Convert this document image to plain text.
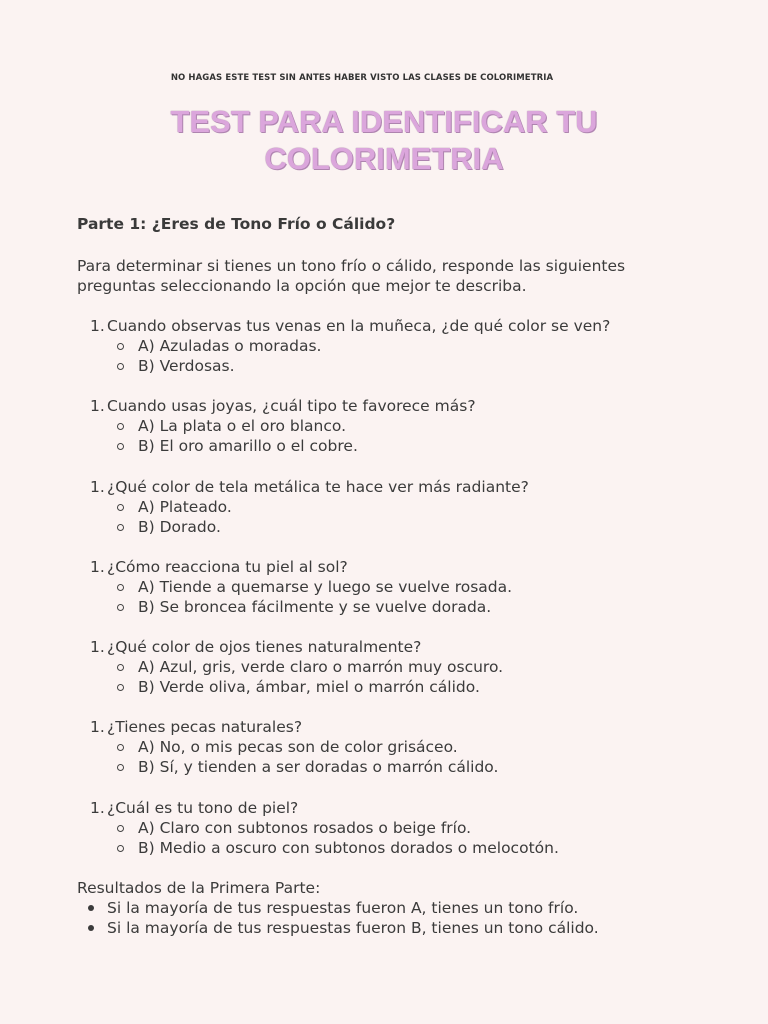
NO HAGAS ESTE TEST SIN ANTES HABER VISTO LAS CLASES DE COLORIMETRIA
TEST PARA IDENTIFICAR TU
COLORIMETRIA
Parte 1: ¿Eres de Tono Frío o Cálido?

Para determinar si tienes un tono frío o cálido, responde las siguientes
preguntas seleccionando la opción que mejor te describa.

1. Cuando observas tus venas en la muñeca, ¿de qué color se ven?
A) Azuladas o moradas.
B) Verdosas.
1. Cuando usas joyas, ¿cuál tipo te favorece más?
A) La plata o el oro blanco.
B) El oro amarillo o el cobre.
1. ¿Qué color de tela metálica te hace ver más radiante?
A) Plateado.
B) Dorado.
1. ¿Cómo reacciona tu piel al sol?
A) Tiende a quemarse y luego se vuelve rosada.
B) Se broncea fácilmente y se vuelve dorada.
1. ¿Qué color de ojos tienes naturalmente?
A) Azul, gris, verde claro o marrón muy oscuro.
B) Verde oliva, ámbar, miel o marrón cálido.
1. ¿Tienes pecas naturales?
A) No, o mis pecas son de color grisáceo.
B) Sí, y tienden a ser doradas o marrón cálido.
1. ¿Cuál es tu tono de piel?
A) Claro con subtonos rosados o beige frío.
B) Medio a oscuro con subtonos dorados o melocotón.

Resultados de la Primera Parte:

Si la mayoría de tus respuestas fueron A, tienes un tono frío.
Si la mayoría de tus respuestas fueron B, tienes un tono cálido.
